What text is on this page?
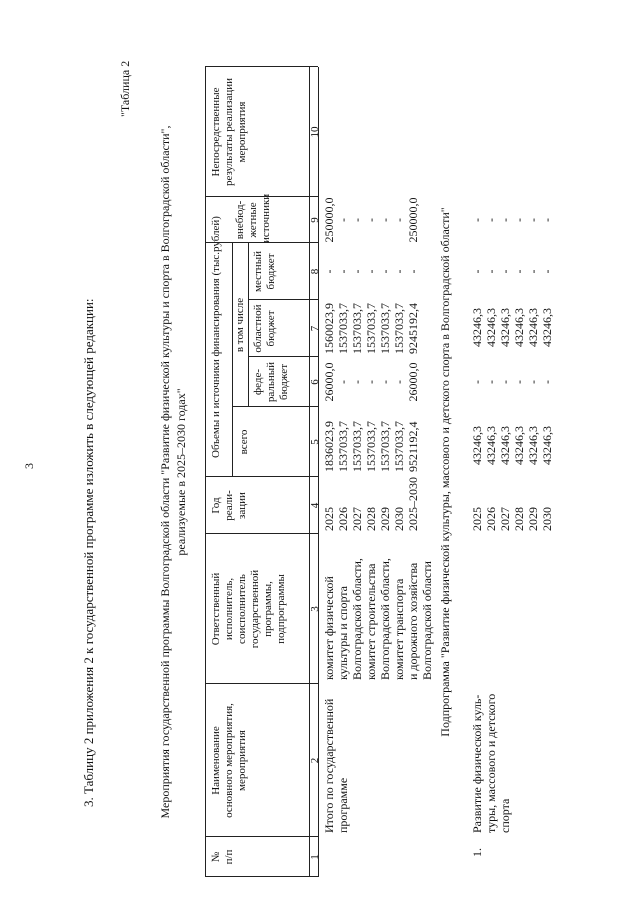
3	3. Таблицу 2 приложения 2 к государственной программе изложить в следующей редакции:
"Таблица 2
Мероприятия государственной программы Волгоградской области "Развитие физической культуры и спорта в Волгоградской области", реализуемые в 2025–2030 годах"
№ п/п
Наименование основного мероприятия, мероприятия
Ответственный исполнитель, соисполнитель государственной программы, подпрограммы
Год реали- зации
Объемы и источники финансирования (тыс.рублей) всего
в том числе
феде- ральный бюджет
областной бюджет
местный бюджет
внебюд- жетные источники
Непосредственные результаты реализации мероприятия
1
2
3
4
5
6
7
8
9
10
Итого по государственной программе
комитет физической культуры и спорта Волгоградской области, комитет строительства Волгоградской области, комитет транспорта и дорожного хозяйства Волгоградской области
2025 2026 2027 2028 2029 2030 2025–2030
1836023,9 1537033,7 1537033,7 1537033,7 1537033,7 1537033,7 9521192,4
26000,0 - - - - - 26000,0
1560023,9 1537033,7 1537033,7 1537033,7 1537033,7 1537033,7 9245192,4
- - - - - - -
250000,0 - - - - - 250000,0 Подпрограмма "Развитие физической культуры, массового и детского спорта в Волгоградской области"
1.
Развитие физической куль- туры, массового и детского спорта
2025 2026 2027 2028 2029 2030
43246,3 43246,3 43246,3 43246,3 43246,3 43246,3
- - - - - -
43246,3 43246,3 43246,3 43246,3 43246,3 43246,3
- - - - - -
- - - - - -
